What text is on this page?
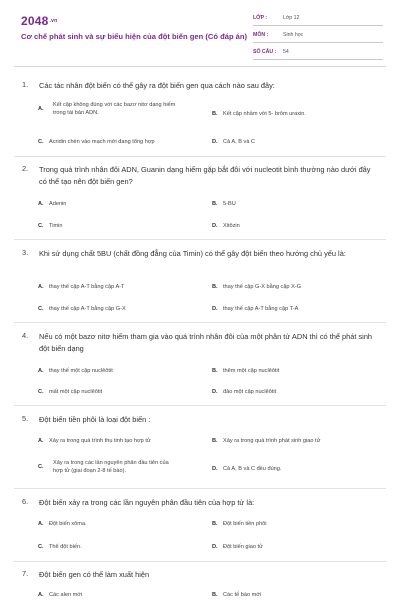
$2048^{.vn}$
Cơ chế phát sinh và sự biểu hiện của đột biến gen (Có đáp án)
LỚP :	Lớp 12
MÔN :	Sinh học
SỐ CÂU : 54
1. Các tác nhân đột biến có thể gây ra đột biến gen qua cách nào sau đây:
A.
Kết cặp không đúng với các bazơ nitơ dạng hiếm trong tái bản ADN.	B. Kết cặp nhầm với 5- brôm uraxin.
C. Acridin chèn vào mạch mới đang tổng hợp	D. Cả A, B và C
2. Trong quá trình nhân đôi ADN, Guanin dạng hiếm gặp bắt đôi với nucleotit bình thường nào dưới đây có thể tạo nên đột biến gen?
A. Adenin	B. 5-BU
C. Timin	D. Xitôzin
3. Khi sử dụng chất 5BU (chất đồng đẳng của Timin) có thể gây đột biến theo hướng chủ yếu là:
A. thay thế cặp A-T bằng cặp A-T	B. thay thế cặp G-X bằng cặp X-G
C. thay thế cặp A-T bằng cặp G-X	D. thay thế cặp A-T bằng cặp T-A
4. Nếu có một bazơ nitơ hiếm tham gia vào quá trình nhân đôi của một phân tử ADN thì có thể phát sinh đột biến dạng
A. thay thế một cặp nuclêôtit	B. thêm một cặp nuclêôtit
C. mất một cặp nuclêôtit	D. đảo một cặp nuclêôtit
5. Đột biến tiền phôi là loại đột biến :
A. Xảy ra trong quá trình thụ tinh tạo hợp tử	B. Xảy ra trong quá trình phát sinh giao tử
C.
Xảy ra trong các lần nguyên phân đầu tiên của hợp tử (giai đoạn 2-8 tế bào).	D. Cả A, B và C đều đúng.
6. Đột biến xảy ra trong các lần nguyên phân đầu tiên của hợp tử là:
A. Đột biến xôma.	B. Đột biến tiền phôi
C. Thể đột biến.	D. Đột biến giao tử
7. Đột biến gen có thể làm xuất hiện
A. Các alen mới	B. Các tế bào mới
